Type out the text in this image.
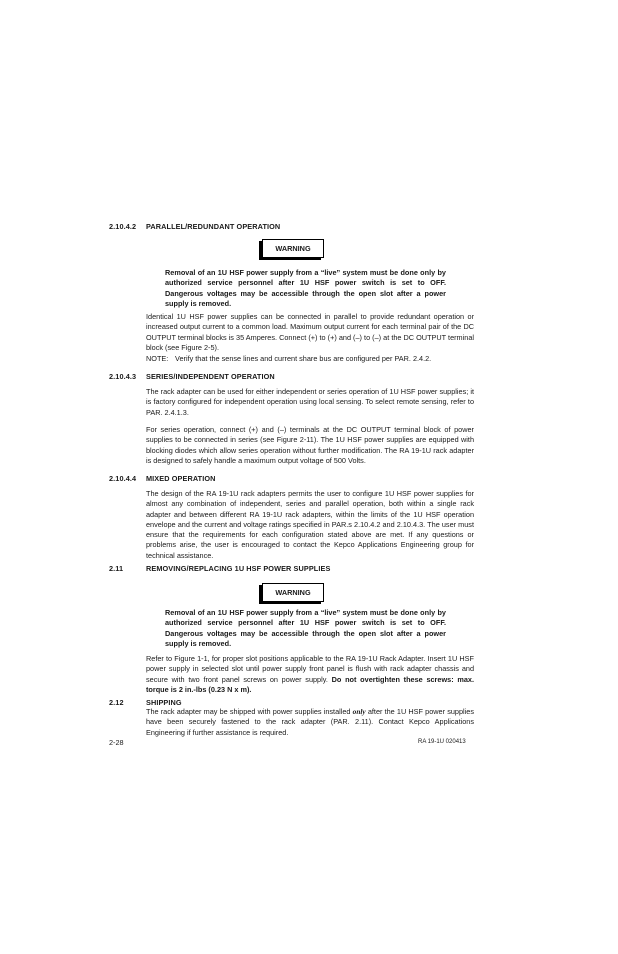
2.10.4.2 PARALLEL/REDUNDANT OPERATION
WARNING

Removal of an 1U HSF power supply from a “live” system must be done only by authorized service personnel after 1U HSF power switch is set to OFF. Dangerous voltages may be accessible through the open slot after a power supply is removed.

Identical 1U HSF power supplies can be connected in parallel to provide redundant operation or increased output current to a common load. Maximum output current for each terminal pair of the DC OUTPUT terminal blocks is 35 Amperes. Connect (+) to (+) and (–) to (–) at the DC OUTPUT terminal block (see Figure 2-5).

NOTE: Verify that the sense lines and current share bus are configured per PAR. 2.4.2.
2.10.4.3 SERIES/INDEPENDENT OPERATION

The rack adapter can be used for either independent or series operation of 1U HSF power supplies; it is factory configured for independent operation using local sensing. To select remote sensing, refer to PAR. 2.4.1.3.

For series operation, connect (+) and (–) terminals at the DC OUTPUT terminal block of power supplies to be connected in series (see Figure 2-11). The 1U HSF power supplies are equipped with blocking diodes which allow series operation without further modification. The RA 19-1U rack adapter is designed to safely handle a maximum output voltage of 500 Volts.

2.10.4.4 MIXED OPERATION

The design of the RA 19-1U rack adapters permits the user to configure 1U HSF power supplies for almost any combination of independent, series and parallel operation, both within a single rack adapter and between different RA 19-1U rack adapters, within the limits of the 1U HSF operation envelope and the current and voltage ratings specified in PAR.s 2.10.4.2 and 2.10.4.3. The user must ensure that the requirements for each configuration stated above are met. If any questions or problems arise, the user is encouraged to contact the Kepco Applications Engineering group for technical assistance.

2.11	REMOVING/REPLACING 1U HSF POWER SUPPLIES
WARNING

Removal of an 1U HSF power supply from a “live” system must be done only by authorized service personnel after 1U HSF power switch is set to OFF. Dangerous voltages may be accessible through the open slot after a power supply is removed.

Refer to Figure 1-1, for proper slot positions applicable to the RA 19-1U Rack Adapter. Insert 1U HSF power supply in selected slot until power supply front panel is flush with rack adapter chassis and secure with two front panel screws on power supply. Do not overtighten these screws: max. torque is 2 in.-lbs (0.23 N x m).

2.12	SHIPPING

The rack adapter may be shipped with power supplies installed only after the 1U HSF power supplies have been securely fastened to the rack adapter (PAR. 2.11). Contact Kepco Applications Engineering if further assistance is required.

2-28	RA 19-1U 020413
